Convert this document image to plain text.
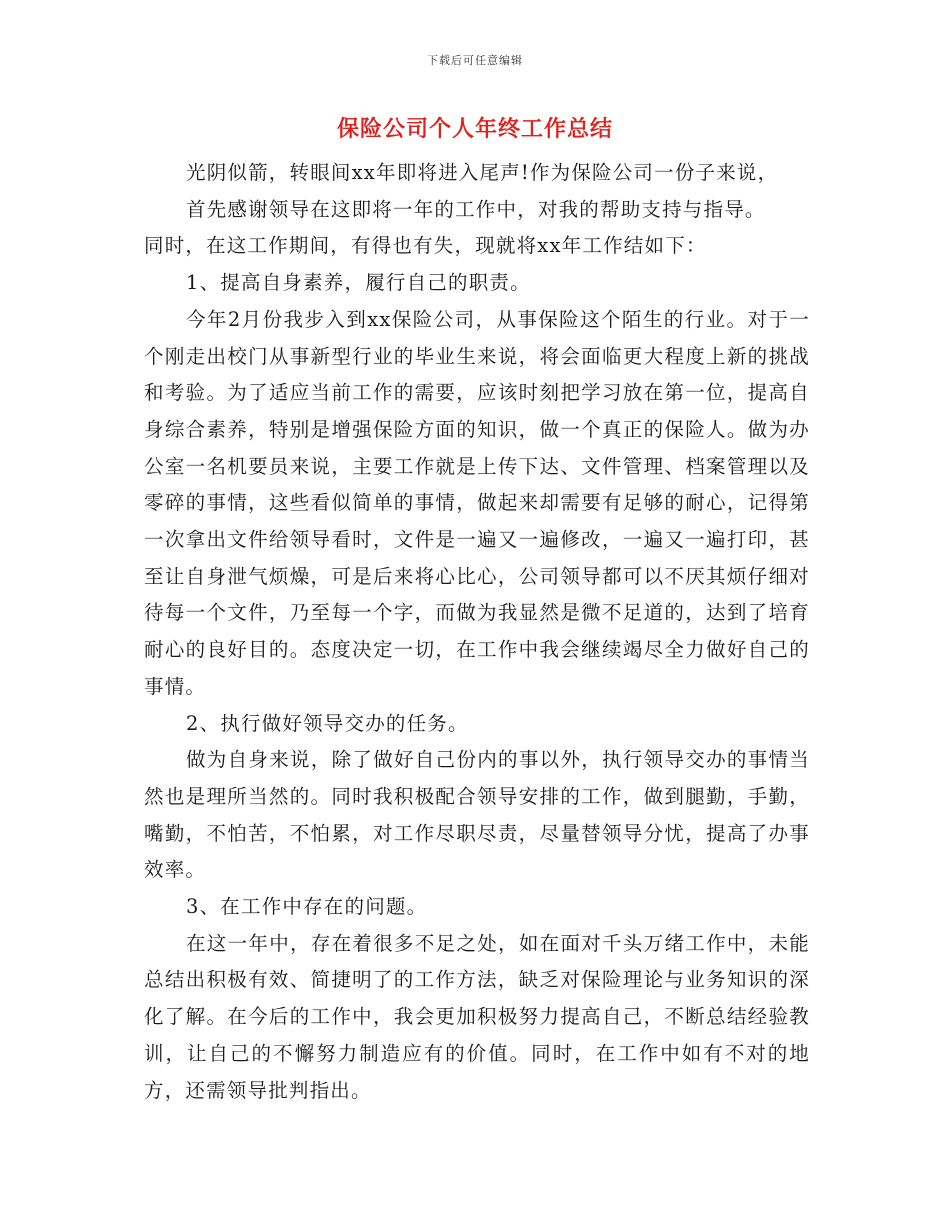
下载后可任意编辑
保险公司个人年终工作总结

光阴似箭，转眼间xx年即将进入尾声!作为保险公司一份子来说，

首先感谢领导在这即将一年的工作中，对我的帮助支持与指导。

同时，在这工作期间，有得也有失，现就将xx年工作结如下：

1、提高自身素养，履行自己的职责。

今年2月份我步入到xx保险公司，从事保险这个陌生的行业。对于一个刚走出校门从事新型行业的毕业生来说，将会面临更大程度上新的挑战和考验。为了适应当前工作的需要，应该时刻把学习放在第一位，提高自身综合素养，特别是增强保险方面的知识，做一个真正的保险人。做为办公室一名机要员来说，主要工作就是上传下达、文件管理、档案管理以及零碎的事情，这些看似简单的事情，做起来却需要有足够的耐心，记得第一次拿出文件给领导看时，文件是一遍又一遍修改，一遍又一遍打印，甚至让自身泄气烦燥，可是后来将心比心，公司领导都可以不厌其烦仔细对待每一个文件，乃至每一个字，而做为我显然是微不足道的，达到了培育耐心的良好目的。态度决定一切，在工作中我会继续竭尽全力做好自己的事情。

2、执行做好领导交办的任务。

做为自身来说，除了做好自己份内的事以外，执行领导交办的事情当然也是理所当然的。同时我积极配合领导安排的工作，做到腿勤，手勤，嘴勤，不怕苦，不怕累，对工作尽职尽责，尽量替领导分忧，提高了办事效率。

3、在工作中存在的问题。

在这一年中，存在着很多不足之处，如在面对千头万绪工作中，未能总结出积极有效、简捷明了的工作方法，缺乏对保险理论与业务知识的深化了解。在今后的工作中，我会更加积极努力提高自己，不断总结经验教训，让自己的不懈努力制造应有的价值。同时，在工作中如有不对的地方，还需领导批判指出。
